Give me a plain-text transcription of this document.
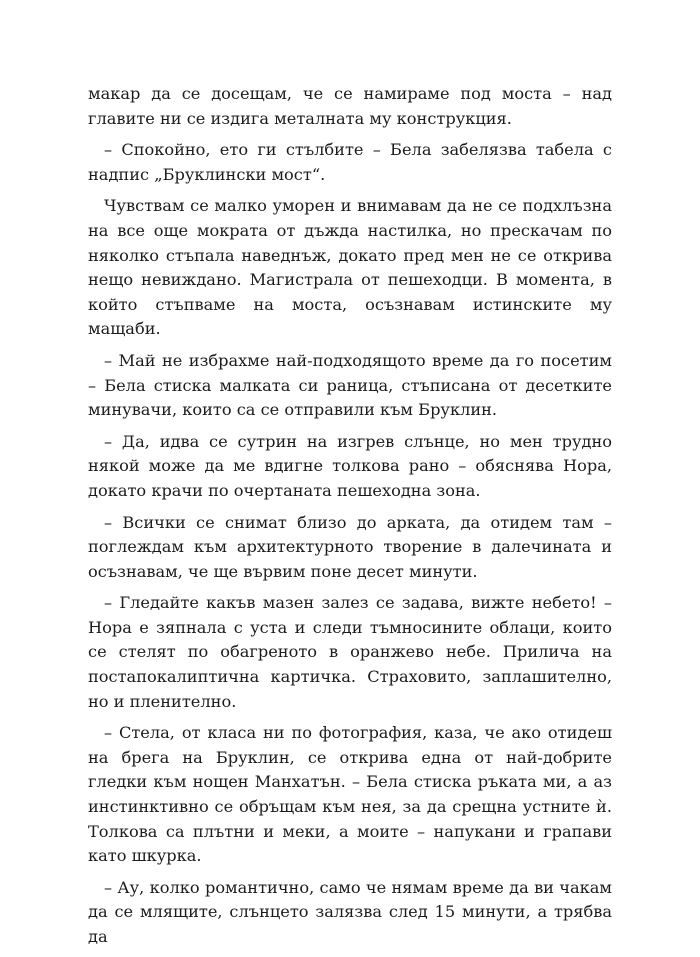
макар да се досещам, че се намираме под моста – над главите ни се издига металната му конструкция.

– Спокойно, ето ги стълбите – Бела забелязва табела с надпис „Бруклински мост“.

Чувствам се малко уморен и внимавам да не се подхлъзна на все още мократа от дъжда настилка, но прескачам по няколко стъпала наведнъж, докато пред мен не се открива нещо невиждано. Магистрала от пешеходци. В момента, в който стъпваме на моста, осъзнавам истинските му мащаби.

– Май не избрахме най-подходящото време да го посетим – Бела стиска малката си раница, стъписана от десетките минувачи, които са се отправили към Бруклин.

– Да, идва се сутрин на изгрев слънце, но мен трудно някой може да ме вдигне толкова рано – обяснява Нора, докато крачи по очертаната пешеходна зона.

– Всички се снимат близо до арката, да отидем там – поглеждам към архитектурното творение в далечината и осъзнавам, че ще вървим поне десет минути.

– Гледайте какъв мазен залез се задава, вижте небето! – Нора е зяпнала с уста и следи тъмносините облаци, които се стелят по обагреното в оранжево небе. Прилича на постапокалиптична картичка. Страховито, заплашително, но и пленително.

– Стела, от класа ни по фотография, каза, че ако отидеш на брега на Бруклин, се открива една от най-добрите гледки към нощен Манхатън. – Бела стиска ръката ми, а аз инстинктивно се обръщам към нея, за да срещна устните ѝ. Толкова са плътни и меки, а моите – напукани и грапави като шкурка.

– Ау, колко романтично, само че нямам време да ви чакам да се млящите, слънцето залязва след 15 минути, а трябва да
